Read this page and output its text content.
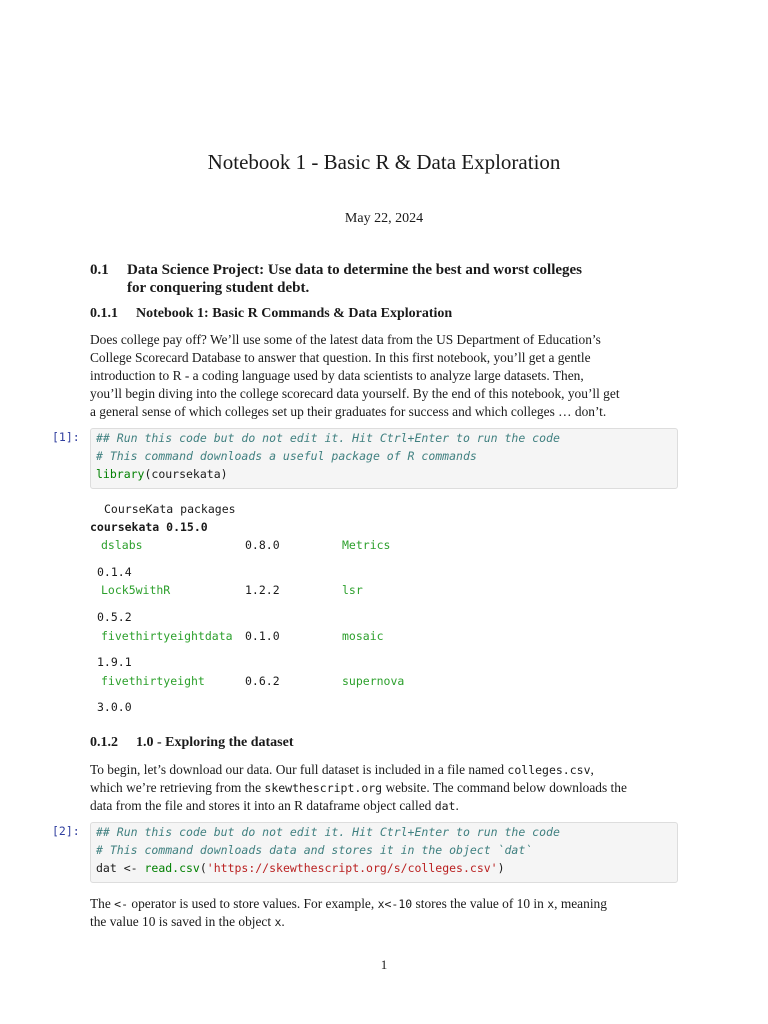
Notebook 1 - Basic R & Data Exploration
May 22, 2024
0.1 Data Science Project: Use data to determine the best and worst colleges
for conquering student debt.
0.1.1 Notebook 1: Basic R Commands & Data Exploration
Does college pay off? We’ll use some of the latest data from the US Department of Education’s
College Scorecard Database to answer that question. In this first notebook, you’ll get a gentle
introduction to R - a coding language used by data scientists to analyze large datasets. Then,
you’ll begin diving into the college scorecard data yourself. By the end of this notebook, you’ll get
a general sense of which colleges set up their graduates for success and which colleges … don’t.
[1]: ## Run this code but do not edit it. Hit Ctrl+Enter to run the code
# This command downloads a useful package of R commands
library(coursekata)
CourseKata packages
coursekata 0.15.0
dslabs	0.8.0	Metrics
0.1.4
Lock5withR	1.2.2	lsr
0.5.2
fivethirtyeightdata 0.1.0	mosaic
1.9.1
fivethirtyeight	0.6.2	supernova
3.0.0
0.1.2 1.0 - Exploring the dataset
To begin, let’s download our data. Our full dataset is included in a file named colleges.csv,
which we’re retrieving from the skewthescript.org website. The command below downloads the
data from the file and stores it into an R dataframe object called dat.
[2]: ## Run this code but do not edit it. Hit Ctrl+Enter to run the code
# This command downloads data and stores it in the object `dat`
dat <- read.csv('https://skewthescript.org/s/colleges.csv')
The <- operator is used to store values. For example, x<-10 stores the value of 10 in x, meaning
the value 10 is saved in the object x.
1
